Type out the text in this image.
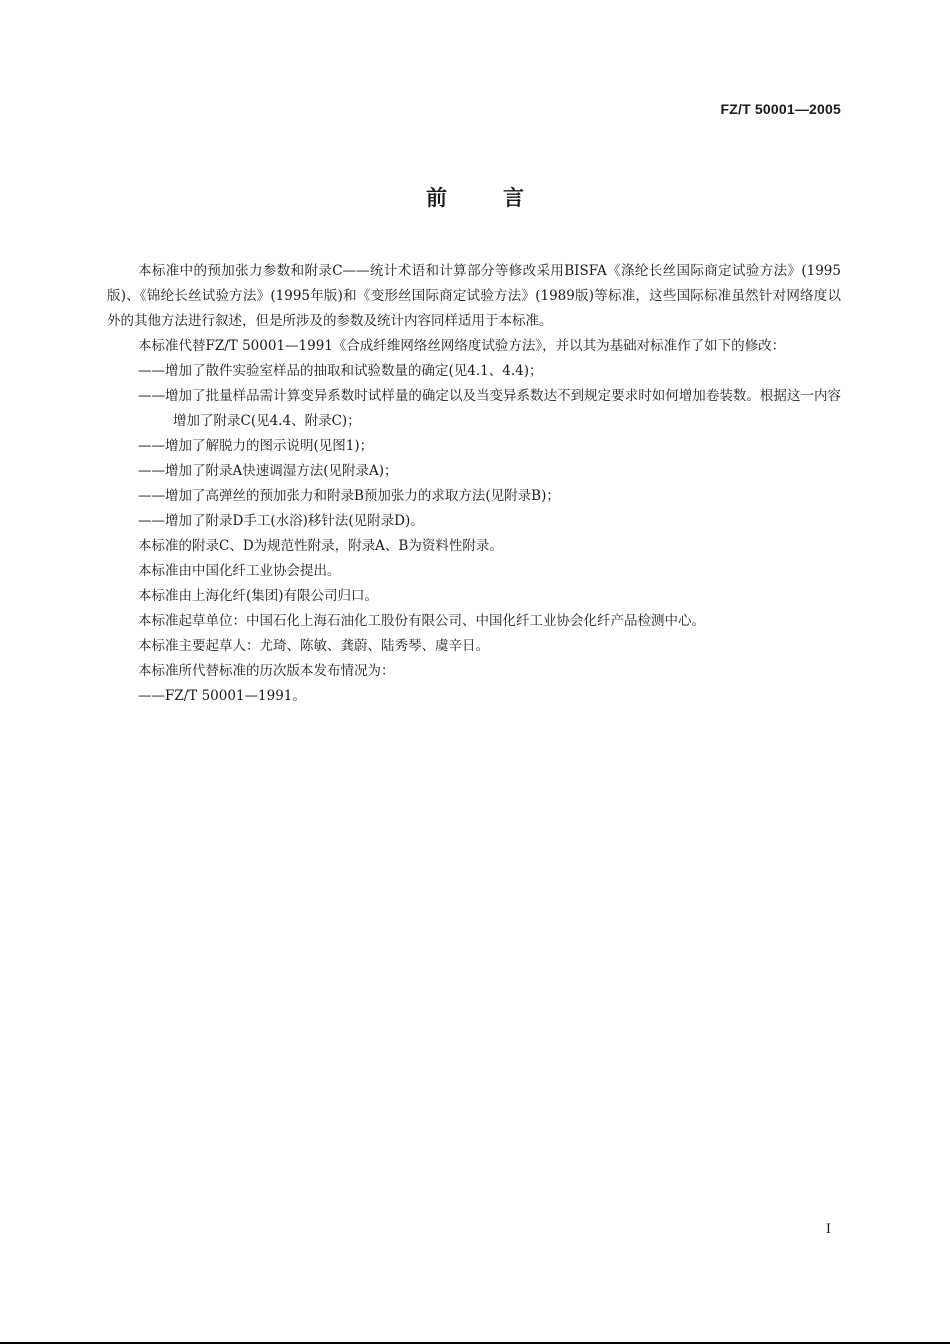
FZ/T 50001—2005
前言

本标准中的预加张力参数和附录C——统计术语和计算部分等修改采用BISFA《涤纶长丝国际商定试验方法》(1995版)、《锦纶长丝试验方法》(1995年版)和《变形丝国际商定试验方法》(1989版)等标准，这些国际标准虽然针对网络度以外的其他方法进行叙述，但是所涉及的参数及统计内容同样适用于本标准。

本标准代替FZ/T 50001—1991《合成纤维网络丝网络度试验方法》，并以其为基础对标准作了如下的修改：

——增加了散件实验室样品的抽取和试验数量的确定(见4.1、4.4)；

——增加了批量样品需计算变异系数时试样量的确定以及当变异系数达不到规定要求时如何增加卷装数。根据这一内容增加了附录C(见4.4、附录C)；

——增加了解脱力的图示说明(见图1)；

——增加了附录A快速调湿方法(见附录A)；

——增加了高弹丝的预加张力和附录B预加张力的求取方法(见附录B)；

——增加了附录D手工(水浴)移针法(见附录D)。

本标准的附录C、D为规范性附录，附录A、B为资料性附录。

本标准由中国化纤工业协会提出。

本标准由上海化纤(集团)有限公司归口。

本标准起草单位：中国石化上海石油化工股份有限公司、中国化纤工业协会化纤产品检测中心。

本标准主要起草人：尤琦、陈敏、龚蔚、陆秀琴、虞辛日。

本标准所代替标准的历次版本发布情况为：

——FZ/T 50001—1991。

I
